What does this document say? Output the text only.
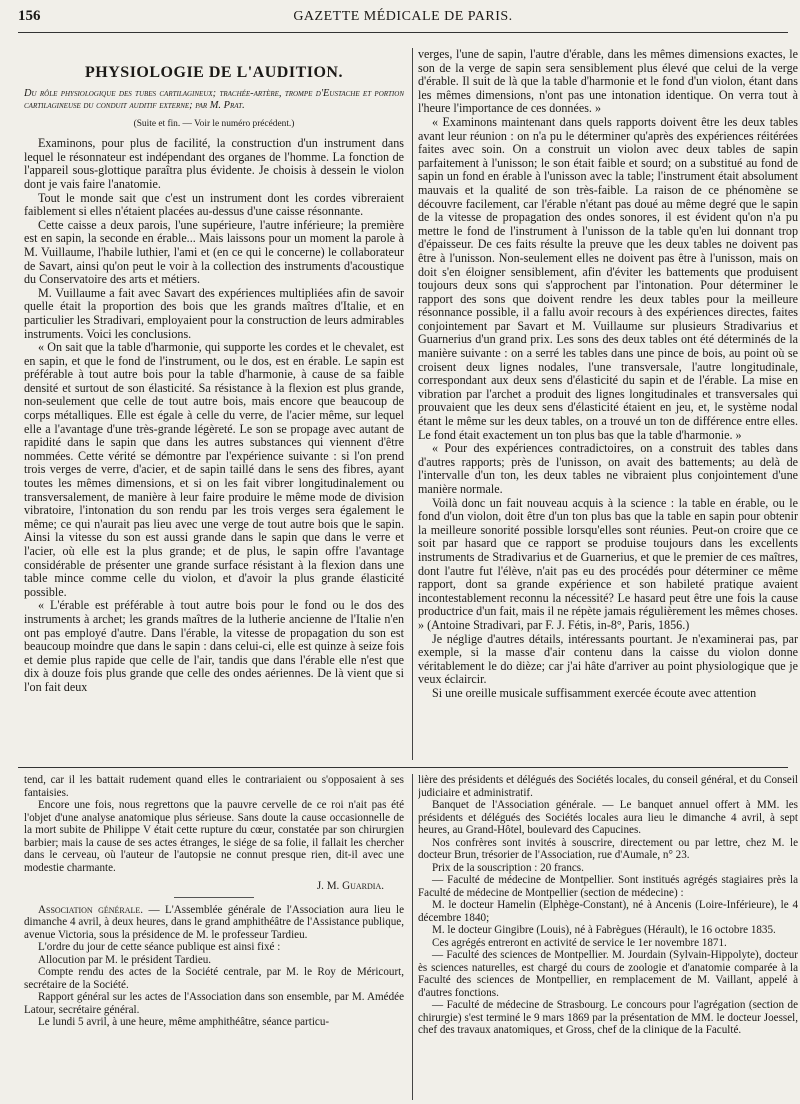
156	GAZETTE MÉDICALE DE PARIS.
PHYSIOLOGIE DE L'AUDITION.
Du rôle physiologique des tubes cartilagineux; trachée-artère, trompe d'Eustache et portion cartilagineuse du conduit auditif externe; par M. Prat.
(Suite et fin. — Voir le numéro précédent.)

Examinons, pour plus de facilité, la construction d'un instrument dans lequel le résonnateur est indépendant des organes de l'homme. La fonction de l'appareil sous-glottique paraîtra plus évidente. Je choisis à dessein le violon dont je vais faire l'anatomie.

Tout le monde sait que c'est un instrument dont les cordes vibreraient faiblement si elles n'étaient placées au-dessus d'une caisse résonnante.

Cette caisse a deux parois, l'une supérieure, l'autre inférieure; la première est en sapin, la seconde en érable... Mais laissons pour un moment la parole à M. Vuillaume, l'habile luthier, l'ami et (en ce qui le concerne) le collaborateur de Savart, ainsi qu'on peut le voir à la collection des instruments d'acoustique du Conservatoire des arts et métiers.

M. Vuillaume a fait avec Savart des expériences multipliées afin de savoir quelle était la proportion des bois que les grands maîtres d'Italie, et en particulier les Stradivari, employaient pour la construction de leurs admirables instruments. Voici les conclusions.

« On sait que la table d'harmonie, qui supporte les cordes et le chevalet, est en sapin, et que le fond de l'instrument, ou le dos, est en érable. Le sapin est préférable à tout autre bois pour la table d'harmonie, à cause de sa faible densité et surtout de son élasticité. Sa résistance à la flexion est plus grande, non-seulement que celle de tout autre bois, mais encore que beaucoup de corps métalliques. Elle est égale à celle du verre, de l'acier même, sur lequel elle a l'avantage d'une très-grande légèreté. Le son se propage avec autant de rapidité dans le sapin que dans les autres substances qui viennent d'être nommées. Cette vérité se démontre par l'expérience suivante : si l'on prend trois verges de verre, d'acier, et de sapin taillé dans le sens des fibres, ayant toutes les mêmes dimensions, et si on les fait vibrer longitudinalement ou transversalement, de manière à leur faire produire le même mode de division vibratoire, l'intonation du son rendu par les trois verges sera également le même; ce qui n'aurait pas lieu avec une verge de tout autre bois que le sapin. Ainsi la vitesse du son est aussi grande dans le sapin que dans le verre et l'acier, où elle est la plus grande; et de plus, le sapin offre l'avantage considérable de présenter une grande surface résistant à la flexion dans une table mince comme celle du violon, et d'avoir la plus grande élasticité possible.

« L'érable est préférable à tout autre bois pour le fond ou le dos des instruments à archet; les grands maîtres de la lutherie ancienne de l'Italie n'en ont pas employé d'autre. Dans l'érable, la vitesse de propagation du son est beaucoup moindre que dans le sapin : dans celui-ci, elle est quinze à seize fois et demie plus rapide que celle de l'air, tandis que dans l'érable elle n'est que dix à douze fois plus grande que celle des ondes aériennes. De là vient que si l'on fait deux

verges, l'une de sapin, l'autre d'érable, dans les mêmes dimensions exactes, le son de la verge de sapin sera sensiblement plus élevé que celui de la verge d'érable. Il suit de là que la table d'harmonie et le fond d'un violon, étant dans les mêmes dimensions, n'ont pas une intonation identique. On verra tout à l'heure l'importance de ces données. »

« Examinons maintenant dans quels rapports doivent être les deux tables avant leur réunion : on n'a pu le déterminer qu'après des expériences réitérées faites avec soin. On a construit un violon avec deux tables de sapin parfaitement à l'unisson; le son était faible et sourd; on a substitué au fond de sapin un fond en érable à l'unisson avec la table; l'instrument était absolument mauvais et la qualité de son très-faible. La raison de ce phénomène se découvre facilement, car l'érable n'étant pas doué au même degré que le sapin de la vitesse de propagation des ondes sonores, il est évident qu'on n'a pu mettre le fond de l'instrument à l'unisson de la table qu'en lui donnant trop d'épaisseur. De ces faits résulte la preuve que les deux tables ne doivent pas être à l'unisson. Non-seulement elles ne doivent pas être à l'unisson, mais on doit s'en éloigner sensiblement, afin d'éviter les battements que produisent toujours deux sons qui s'approchent par l'intonation. Pour déterminer le rapport des sons que doivent rendre les deux tables pour la meilleure résonnance possible, il a fallu avoir recours à des expériences directes, faites conjointement par Savart et M. Vuillaume sur plusieurs Stradivarius et Guarnerius d'un grand prix. Les sons des deux tables ont été déterminés de la manière suivante : on a serré les tables dans une pince de bois, au point où se croisent deux lignes nodales, l'une transversale, l'autre longitudinale, correspondant aux deux sens d'élasticité du sapin et de l'érable. La mise en vibration par l'archet a produit des lignes longitudinales et transversales qui prouvaient que les deux sens d'élasticité étaient en jeu, et, le système nodal étant le même sur les deux tables, on a trouvé un ton de différence entre elles. Le fond était exactement un ton plus bas que la table d'harmonie. »

« Pour des expériences contradictoires, on a construit des tables dans d'autres rapports; près de l'unisson, on avait des battements; au delà de l'intervalle d'un ton, les deux tables ne vibraient plus conjointement d'une manière normale.

Voilà donc un fait nouveau acquis à la science : la table en érable, ou le fond d'un violon, doit être d'un ton plus bas que la table en sapin pour obtenir la meilleure sonorité possible lorsqu'elles sont réunies. Peut-on croire que ce soit par hasard que ce rapport se produise toujours dans les excellents instruments de Stradivarius et de Guarnerius, et que le premier de ces maîtres, dont l'autre fut l'élève, n'ait pas eu des procédés pour déterminer ce même rapport, dont sa grande expérience et son habileté pratique avaient incontestablement reconnu la nécessité? Le hasard peut être une fois la cause productrice d'un fait, mais il ne répète jamais régulièrement les mêmes choses. » (Antoine Stradivari, par F. J. Fétis, in-8°, Paris, 1856.)

Je néglige d'autres détails, intéressants pourtant. Je n'examinerai pas, par exemple, si la masse d'air contenu dans la caisse du violon donne véritablement le do dièze; car j'ai hâte d'arriver au point physiologique que je veux éclaircir.

Si une oreille musicale suffisamment exercée écoute avec attention

tend, car il les battait rudement quand elles le contrariaient ou s'opposaient à ses fantaisies.

Encore une fois, nous regrettons que la pauvre cervelle de ce roi n'ait pas été l'objet d'une analyse anatomique plus sérieuse. Sans doute la cause occasionnelle de la mort subite de Philippe V était cette rupture du cœur, constatée par son chirurgien barbier; mais la cause de ses actes étranges, le siége de sa folie, il fallait les chercher dans le cerveau, où l'auteur de l'autopsie ne connut presque rien, dit-il avec une modestie charmante.

J. M. Guardia.

Association générale. — L'Assemblée générale de l'Association aura lieu le dimanche 4 avril, à deux heures, dans le grand amphithéâtre de l'Assistance publique, avenue Victoria, sous la présidence de M. le professeur Tardieu.

L'ordre du jour de cette séance publique est ainsi fixé :

Allocution par M. le président Tardieu.

Compte rendu des actes de la Société centrale, par M. le Roy de Méricourt, secrétaire de la Société.

Rapport général sur les actes de l'Association dans son ensemble, par M. Amédée Latour, secrétaire général.

Le lundi 5 avril, à une heure, même amphithéâtre, séance particu-

lière des présidents et délégués des Sociétés locales, du conseil général, et du Conseil judiciaire et administratif.

Banquet de l'Association générale. — Le banquet annuel offert à MM. les présidents et délégués des Sociétés locales aura lieu le dimanche 4 avril, à sept heures, au Grand-Hôtel, boulevard des Capucines.

Nos confrères sont invités à souscrire, directement ou par lettre, chez M. le docteur Brun, trésorier de l'Association, rue d'Aumale, n° 23.

Prix de la souscription : 20 francs.

— Faculté de médecine de Montpellier. Sont institués agrégés stagiaires près la Faculté de médecine de Montpellier (section de médecine) :

M. le docteur Hamelin (Elphège-Constant), né à Ancenis (Loire-Inférieure), le 4 décembre 1840;

M. le docteur Gingibre (Louis), né à Fabrègues (Hérault), le 16 octobre 1835.

Ces agrégés entreront en activité de service le 1er novembre 1871.

— Faculté des sciences de Montpellier. M. Jourdain (Sylvain-Hippolyte), docteur ès sciences naturelles, est chargé du cours de zoologie et d'anatomie comparée à la Faculté des sciences de Montpellier, en remplacement de M. Vaillant, appelé à d'autres fonctions.

— Faculté de médecine de Strasbourg. Le concours pour l'agrégation (section de chirurgie) s'est terminé le 9 mars 1869 par la présentation de MM. le docteur Joessel, chef des travaux anatomiques, et Gross, chef de la clinique de la Faculté.
